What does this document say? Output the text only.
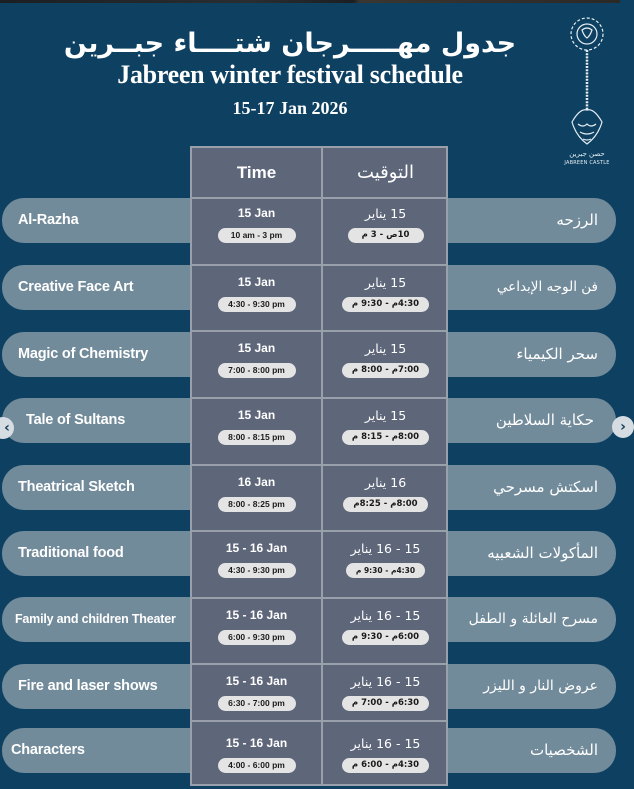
جدول مهـــــرجان شتــــاء جبــرين
Jabreen winter festival schedule
15-17 Jan 2026
حصن جبرين
JABREEN CASTLE
Al-Razha
Creative Face Art
Magic of Chemistry
Tale of Sultans
Theatrical Sketch
Traditional food
Family and children Theater
Fire and laser shows
Characters
الرزحه
فن الوجه الإبداعي
سحر الكيمياء
حكاية السلاطين
اسكتش مسرحي
المأكولات الشعبيه
مسرح العائلة و الطفل
عروض النار و الليزر
الشخصيات
Time	التوقيت
15 Jan
10 am - 3 pm
15 يناير
10ص - 3 م
15 Jan
4:30 - 9:30 pm
15 يناير
4:30م - 9:30 م
15 Jan
7:00 - 8:00 pm
15 يناير
7:00م - 8:00 م
15 Jan
8:00 - 8:15 pm
15 يناير
8:00م - 8:15 م
16 Jan
8:00 - 8:25 pm
16 يناير
8:00م - 8:25م
15 - 16 Jan
4:30 - 9:30 pm
15 - 16 يناير
4:30م - 9:30 م
15 - 16 Jan
6:00 - 9:30 pm
15 - 16 يناير
6:00م - 9:30 م
15 - 16 Jan
6:30 - 7:00 pm
15 - 16 يناير
6:30م - 7:00 م
15 - 16 Jan
4:00 - 6:00 pm
15 - 16 يناير
4:30م - 6:00 م
‹	›
